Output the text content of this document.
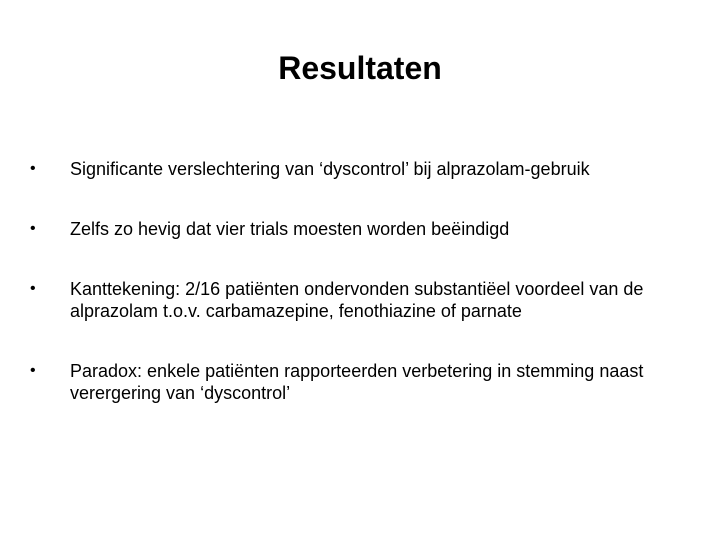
Resultaten
•	Significante verslechtering van ‘dyscontrol’ bij alprazolam-gebruik
•	Zelfs zo hevig dat vier trials moesten worden beëindigd
•	Kanttekening: 2/16 patiënten ondervonden substantiëel voordeel van de alprazolam t.o.v. carbamazepine, fenothiazine of parnate
•	Paradox: enkele patiënten rapporteerden verbetering in stemming naast verergering van ‘dyscontrol’
